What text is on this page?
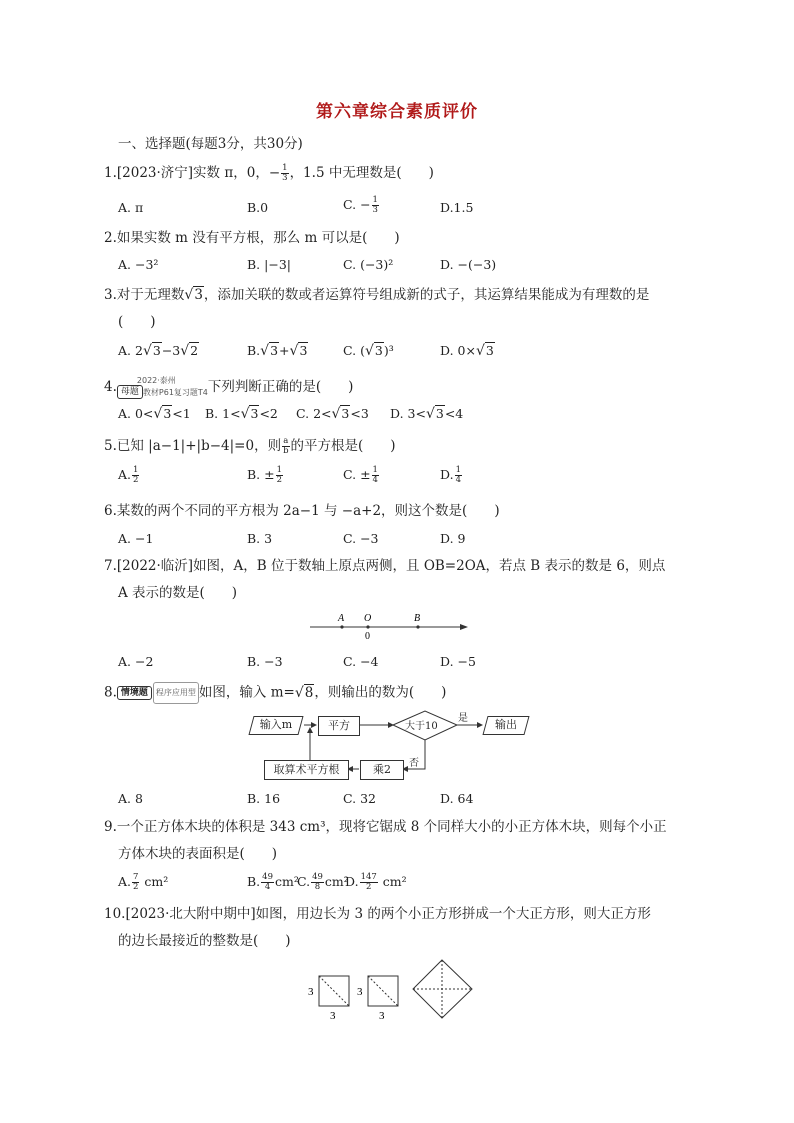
第六章综合素质评价
一、选择题(每题3分，共30分)
1.[2023·济宁]实数 π，0，− $\frac{1}{3}$ ，1.5 中无理数是(　　)
A. π	B.0	C. − $\frac{1}{3}$	D.1.5
2.如果实数 m 没有平方根，那么 m 可以是(　　)
A. −3²	B. |−3|	C. (−3)²	D. −(−3)
3.对于无理数√3，添加关联的数或者运算符号组成新的式子，其运算结果能成为有理数的是
(　　)
A. 2√3−3√2	B.√3+√3	C. (√3)³	D. 0×√3
4.	2022·泰州
母题 教材P61复习题T4下列判断正确的是(　　)
A. 0<√3<1 B. 1<√3<2 C. 2<√3<3 D. 3<√3<4
5.已知 |a−1|+|b−4|=0，则 $\frac{a}{b}$ 的平方根是(　　)
A. $\frac{1}{2}$	B. ± $\frac{1}{2}$	C. ± $\frac{1}{4}$	D. $\frac{1}{4}$
6.某数的两个不同的平方根为 2a−1 与 −a+2，则这个数是(　　)
A. −1	B. 3	C. −3	D. 9
7.[2022·临沂]如图，A，B 位于数轴上原点两侧，且 OB=2OA，若点 B 表示的数是 6，则点
A 表示的数是(　　)
A O	B
0
A. −2	B. −3	C. −4	D. −5
8. 情境题 程序应用型 如图，输入 m=√8，则输出的数为(　　)
输入m	平方	大于10
是	输出
否
乘2
取算术平方根
A. 8	B. 16	C. 32	D. 64
9.一个正方体木块的体积是 343 cm³，现将它锯成 8 个同样大小的小正方体木块，则每个小正
方体木块的表面积是(　　)
A. $\frac{7}{2} cm^2$	B. $\frac{49}{4} cm^2$
C. $\frac{49}{8} cm^2$
D. $\frac{147}{2} cm^2$
10.[2023·北大附中期中]如图，用边长为 3 的两个小正方形拼成一个大正方形，则大正方形
的边长最接近的整数是(　　)
3
3
3
3
